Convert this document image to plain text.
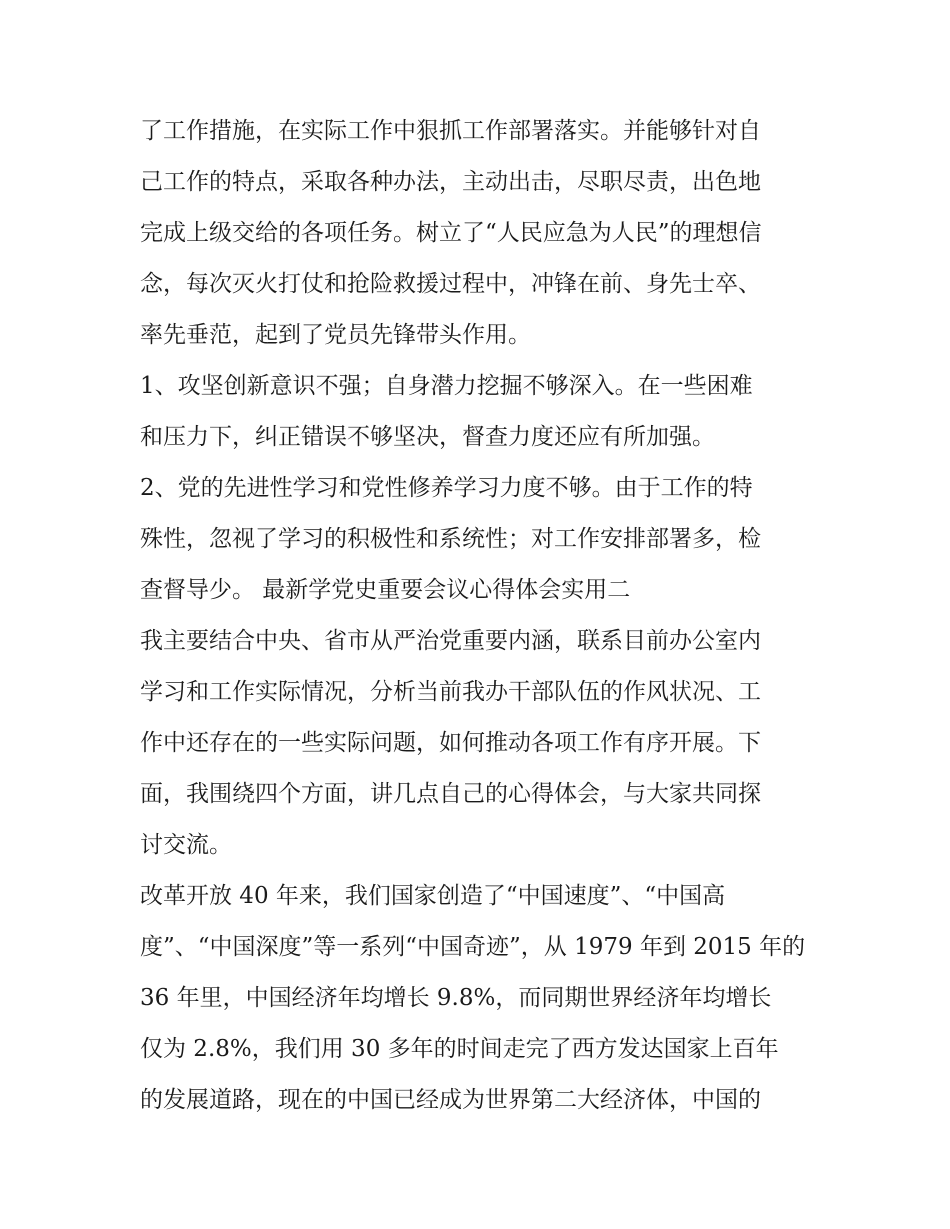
了工作措施，在实际工作中狠抓工作部署落实。并能够针对自
己工作的特点，采取各种办法，主动出击，尽职尽责，出色地
完成上级交给的各项任务。树立了“人民应急为人民”的理想信
念，每次灭火打仗和抢险救援过程中，冲锋在前、身先士卒、
率先垂范，起到了党员先锋带头作用。
1、攻坚创新意识不强；自身潜力挖掘不够深入。在一些困难
和压力下，纠正错误不够坚决，督查力度还应有所加强。
2、党的先进性学习和党性修养学习力度不够。由于工作的特
殊性，忽视了学习的积极性和系统性；对工作安排部署多，检
查督导少。 最新学党史重要会议心得体会实用二
我主要结合中央、省市从严治党重要内涵，联系目前办公室内
学习和工作实际情况，分析当前我办干部队伍的作风状况、工
作中还存在的一些实际问题，如何推动各项工作有序开展。下
面，我围绕四个方面，讲几点自己的心得体会，与大家共同探
讨交流。
改革开放 40 年来，我们国家创造了“中国速度”、“中国高
度”、“中国深度”等一系列“中国奇迹”，从 1979 年到 2015 年的
36 年里，中国经济年均增长 9.8%，而同期世界经济年均增长
仅为 2.8%，我们用 30 多年的时间走完了西方发达国家上百年
的发展道路，现在的中国已经成为世界第二大经济体，中国的
